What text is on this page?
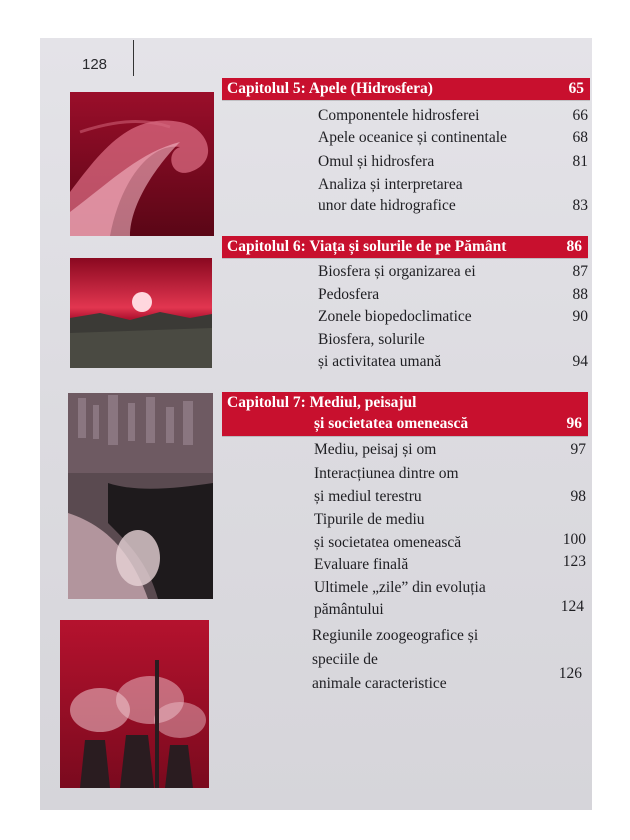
128
Capitolul 5: Apele (Hidrosfera)	65
Componentele hidrosferei	66
Apele oceanice și continentale	68
Omul și hidrosfera	81
Analiza și interpretarea
unor date hidrografice	83
Capitolul 6: Viața și solurile de pe Pământ	86
Biosfera și organizarea ei	87
Pedosfera	88
Zonele biopedoclimatice	90
Biosfera, solurile
și activitatea umană	94
Capitolul 7: Mediul, peisajul
și societatea omenească	96
Mediu, peisaj și om	97
Interacțiunea dintre om
și mediul terestru	98
Tipurile de mediu
și societatea omenească	100
Evaluare finală	123
Ultimele „zile” din evoluția
pământului	124
Regiunile zoogeografice și
speciile de
animale caracteristice
126
